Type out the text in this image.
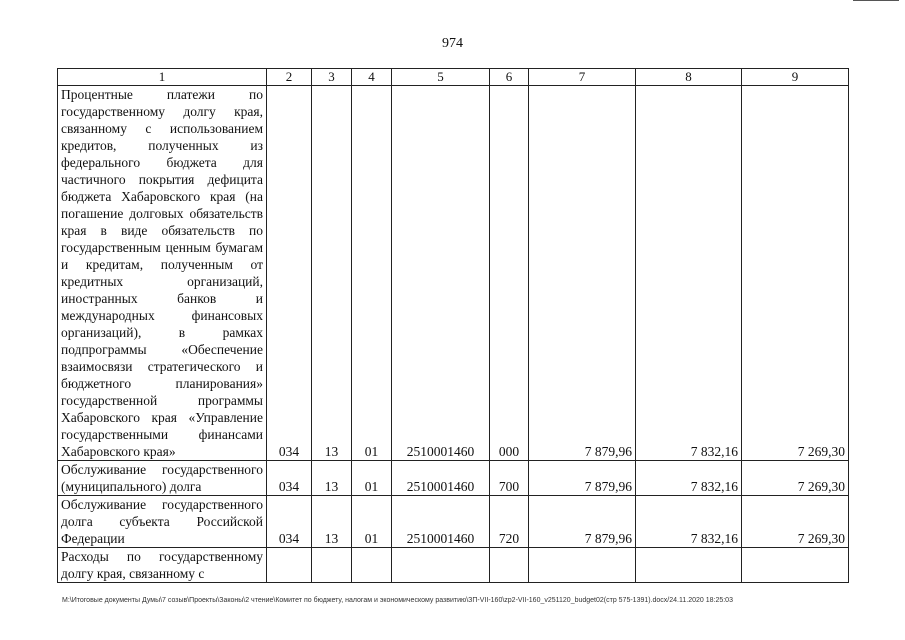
974
1	2	3	4	5	6	7	8	9
Процентные платежи по государственному долгу края, связанному с использованием кредитов, полученных из федерального бюджета для частичного покрытия дефицита бюджета Хабаровского края (на погашение долговых обязательств края в виде обязательств по государственным ценным бумагам и кредитам, полученным от кредитных организаций, иностранных банков и международных финансовых организаций), в рамках подпрограммы «Обеспечение взаимосвязи стратегического и бюджетного планирования» государственной программы Хабаровского края «Управление государственными финансами Хабаровского края»	034	13	01	2510001460	000	7 879,96	7 832,16	7 269,30
Обслуживание государственного (муниципального) долга	034	13	01	2510001460	700	7 879,96	7 832,16	7 269,30
Обслуживание государственного долга субъекта Российской Федерации	034	13	01	2510001460	720	7 879,96	7 832,16	7 269,30
Расходы по государственному долгу края, связанному с								
M:\Итоговые документы Думы\7 созыв\Проекты\Законы\2 чтение\Комитет по бюджету, налогам и экономическому развитию\ЗП-VII-160\zp2-VII-160_v251120_budget02(стр 575-1391).docx/24.11.2020 18:25:03
